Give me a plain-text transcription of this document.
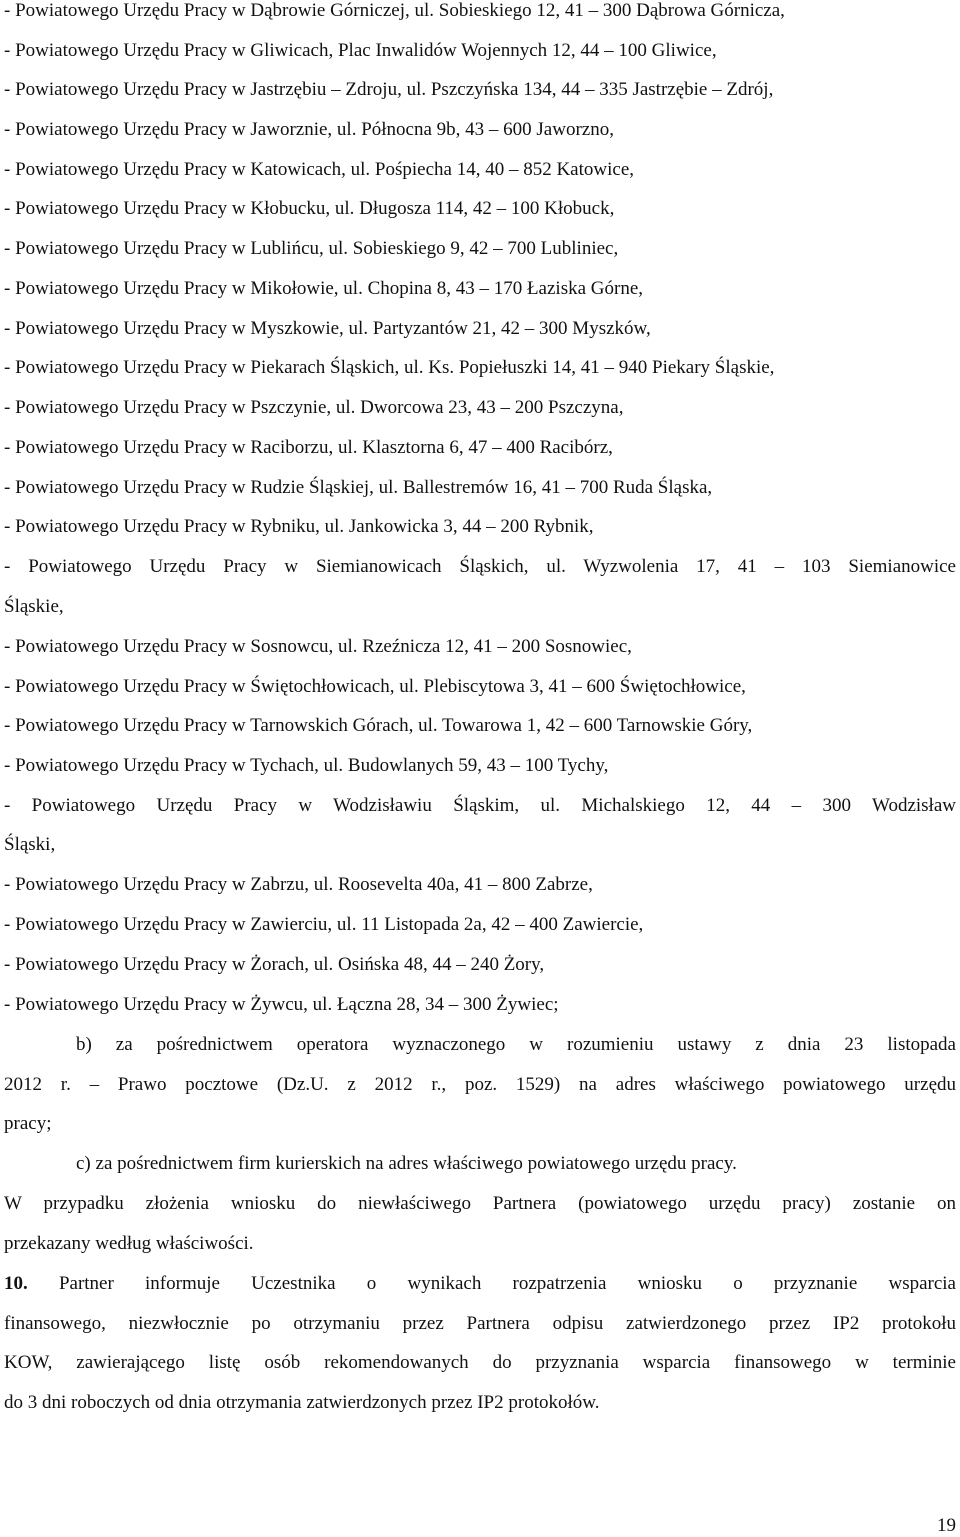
- Powiatowego Urzędu Pracy w Dąbrowie Górniczej, ul. Sobieskiego 12, 41 – 300 Dąbrowa Górnicza,
- Powiatowego Urzędu Pracy w Gliwicach, Plac Inwalidów Wojennych 12, 44 – 100 Gliwice,
- Powiatowego Urzędu Pracy w Jastrzębiu – Zdroju, ul. Pszczyńska 134, 44 – 335 Jastrzębie – Zdrój,
- Powiatowego Urzędu Pracy w Jaworznie, ul. Północna 9b, 43 – 600 Jaworzno,
- Powiatowego Urzędu Pracy w Katowicach, ul. Pośpiecha 14, 40 – 852 Katowice,
- Powiatowego Urzędu Pracy w Kłobucku, ul. Długosza 114, 42 – 100 Kłobuck,
- Powiatowego Urzędu Pracy w Lublińcu, ul. Sobieskiego 9, 42 – 700 Lubliniec,
- Powiatowego Urzędu Pracy w Mikołowie, ul. Chopina 8, 43 – 170 Łaziska Górne,
- Powiatowego Urzędu Pracy w Myszkowie, ul. Partyzantów 21, 42 – 300 Myszków,
- Powiatowego Urzędu Pracy w Piekarach Śląskich, ul. Ks. Popiełuszki 14, 41 – 940 Piekary Śląskie,
- Powiatowego Urzędu Pracy w Pszczynie, ul. Dworcowa 23, 43 – 200 Pszczyna,
- Powiatowego Urzędu Pracy w Raciborzu, ul. Klasztorna 6, 47 – 400 Racibórz,
- Powiatowego Urzędu Pracy w Rudzie Śląskiej, ul. Ballestremów 16, 41 – 700 Ruda Śląska,
- Powiatowego Urzędu Pracy w Rybniku, ul. Jankowicka 3, 44 – 200 Rybnik,
- Powiatowego Urzędu Pracy w Siemianowicach Śląskich, ul. Wyzwolenia 17, 41 – 103 Siemianowice
Śląskie,
- Powiatowego Urzędu Pracy w Sosnowcu, ul. Rzeźnicza 12, 41 – 200 Sosnowiec,
- Powiatowego Urzędu Pracy w Świętochłowicach, ul. Plebiscytowa 3, 41 – 600 Świętochłowice,
- Powiatowego Urzędu Pracy w Tarnowskich Górach, ul. Towarowa 1, 42 – 600 Tarnowskie Góry,
- Powiatowego Urzędu Pracy w Tychach, ul. Budowlanych 59, 43 – 100 Tychy,
- Powiatowego Urzędu Pracy w Wodzisławiu Śląskim, ul. Michalskiego 12, 44 – 300 Wodzisław
Śląski,
- Powiatowego Urzędu Pracy w Zabrzu, ul. Roosevelta 40a, 41 – 800 Zabrze,
- Powiatowego Urzędu Pracy w Zawierciu, ul. 11 Listopada 2a, 42 – 400 Zawiercie,
- Powiatowego Urzędu Pracy w Żorach, ul. Osińska 48, 44 – 240 Żory,
- Powiatowego Urzędu Pracy w Żywcu, ul. Łączna 28, 34 – 300 Żywiec;
b) za pośrednictwem operatora wyznaczonego w rozumieniu ustawy z dnia 23 listopada
2012 r. – Prawo pocztowe (Dz.U. z 2012 r., poz. 1529) na adres właściwego powiatowego urzędu
pracy;
c) za pośrednictwem firm kurierskich na adres właściwego powiatowego urzędu pracy.
W przypadku złożenia wniosku do niewłaściwego Partnera (powiatowego urzędu pracy) zostanie on
przekazany według właściwości.
10. Partner informuje Uczestnika o wynikach rozpatrzenia wniosku o przyznanie wsparcia
finansowego, niezwłocznie po otrzymaniu przez Partnera odpisu zatwierdzonego przez IP2 protokołu
KOW, zawierającego listę osób rekomendowanych do przyznania wsparcia finansowego w terminie
do 3 dni roboczych od dnia otrzymania zatwierdzonych przez IP2 protokołów.
19
